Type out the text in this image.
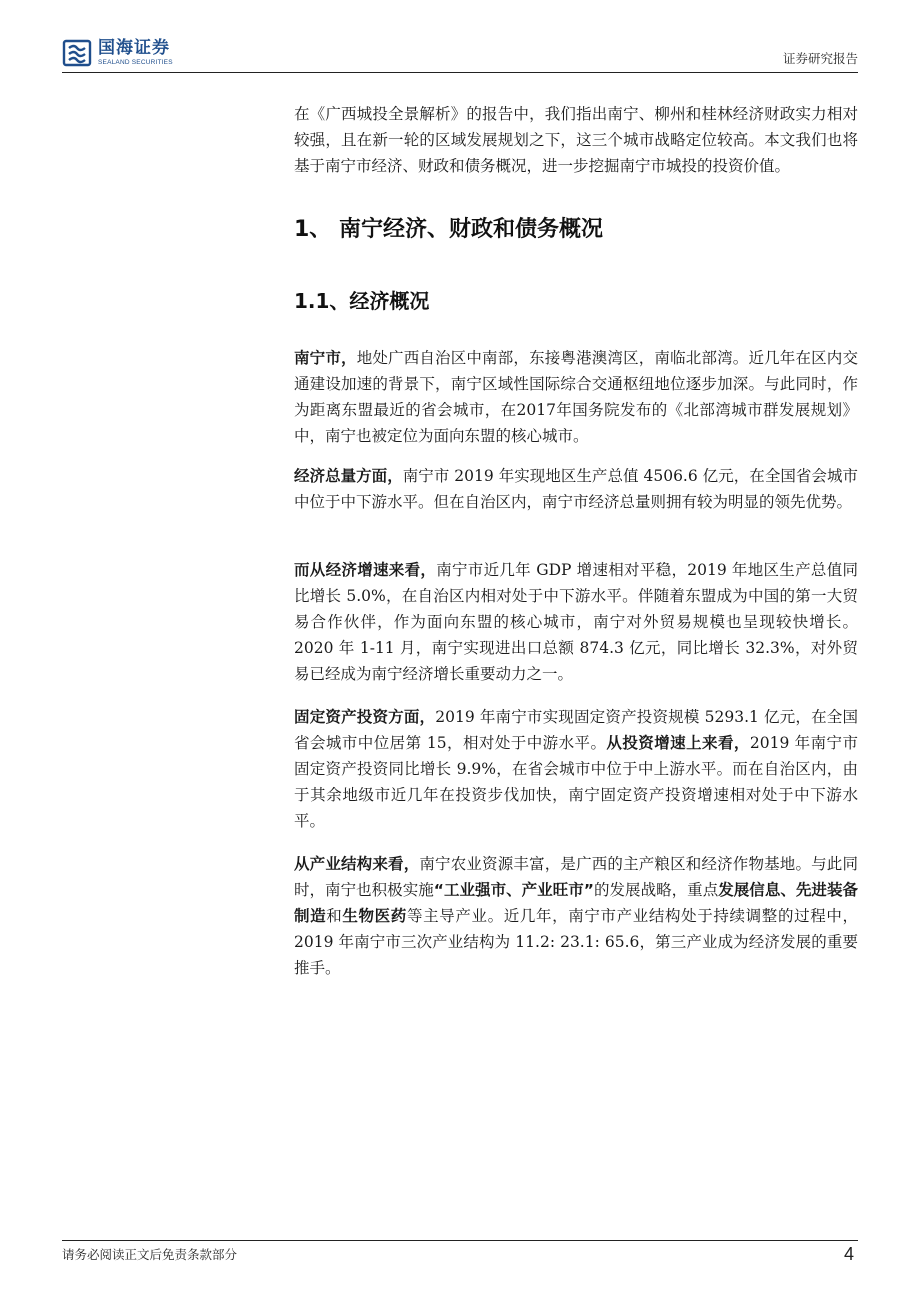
国海证券
SEALAND SECURITIES	证券研究报告
在《广西城投全景解析》的报告中，我们指出南宁、柳州和桂林经济财政实力相对较强，且在新一轮的区域发展规划之下，这三个城市战略定位较高。本文我们也将基于南宁市经济、财政和债务概况，进一步挖掘南宁市城投的投资价值。
1、 南宁经济、财政和债务概况
1.1、经济概况
南宁市，地处广西自治区中南部，东接粤港澳湾区，南临北部湾。近几年在区内交通建设加速的背景下，南宁区域性国际综合交通枢纽地位逐步加深。与此同时，作为距离东盟最近的省会城市，在2017年国务院发布的《北部湾城市群发展规划》中，南宁也被定位为面向东盟的核心城市。
经济总量方面，南宁市 2019 年实现地区生产总值 4506.6 亿元，在全国省会城市中位于中下游水平。但在自治区内，南宁市经济总量则拥有较为明显的领先优势。
而从经济增速来看，南宁市近几年 GDP 增速相对平稳，2019 年地区生产总值同比增长 5.0%，在自治区内相对处于中下游水平。伴随着东盟成为中国的第一大贸易合作伙伴，作为面向东盟的核心城市，南宁对外贸易规模也呈现较快增长。2020 年 1-11 月，南宁实现进出口总额 874.3 亿元，同比增长 32.3%，对外贸易已经成为南宁经济增长重要动力之一。
固定资产投资方面，2019 年南宁市实现固定资产投资规模 5293.1 亿元，在全国省会城市中位居第 15，相对处于中游水平。从投资增速上来看，2019 年南宁市固定资产投资同比增长 9.9%，在省会城市中位于中上游水平。而在自治区内，由于其余地级市近几年在投资步伐加快，南宁固定资产投资增速相对处于中下游水平。
从产业结构来看，南宁农业资源丰富，是广西的主产粮区和经济作物基地。与此同时，南宁也积极实施“工业强市、产业旺市”的发展战略，重点发展信息、先进装备制造和生物医药等主导产业。近几年，南宁市产业结构处于持续调整的过程中，2019 年南宁市三次产业结构为 11.2: 23.1: 65.6，第三产业成为经济发展的重要推手。
请务必阅读正文后免责条款部分	4
